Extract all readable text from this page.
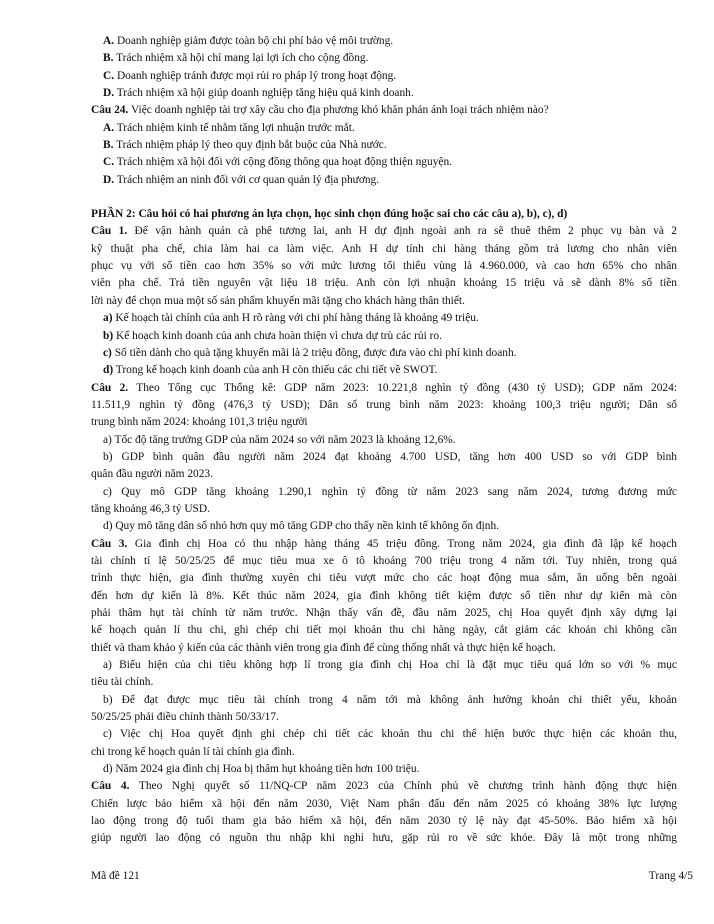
A. Doanh nghiệp giảm được toàn bộ chi phí bảo vệ môi trường.
B. Trách nhiệm xã hội chỉ mang lại lợi ích cho cộng đồng.
C. Doanh nghiệp tránh được mọi rủi ro pháp lý trong hoạt động.
D. Trách nhiệm xã hội giúp doanh nghiệp tăng hiệu quả kinh doanh.
Câu 24. Việc doanh nghiệp tài trợ xây cầu cho địa phương khó khăn phản ánh loại trách nhiệm nào?
A. Trách nhiệm kinh tế nhằm tăng lợi nhuận trước mắt.
B. Trách nhiệm pháp lý theo quy định bắt buộc của Nhà nước.
C. Trách nhiệm xã hội đối với cộng đồng thông qua hoạt động thiện nguyện.
D. Trách nhiệm an ninh đối với cơ quan quản lý địa phương.
PHẦN 2: Câu hỏi có hai phương án lựa chọn, học sinh chọn đúng hoặc sai cho các câu a), b), c), d)
Câu 1. Để vận hành quán cà phê tương lai, anh H dự định ngoài anh ra sẽ thuê thêm 2 phục vụ bàn và 2
kỹ thuật pha chế, chia làm hai ca làm việc. Anh H dự tính chi hàng tháng gồm trả lương cho nhân viên
phục vụ với số tiền cao hơn 35% so với mức lương tối thiểu vùng là 4.960.000, và cao hơn 65% cho nhân
viên pha chế. Trả tiền nguyên vật liệu 18 triệu. Anh còn lợi nhuận khoảng 15 triệu và sẽ dành 8% số tiền
lời này để chọn mua một số sản phẩm khuyến mãi tặng cho khách hàng thân thiết.
a) Kế hoạch tài chính của anh H rõ ràng với chi phí hàng tháng là khoảng 49 triệu.
b) Kế hoạch kinh doanh của anh chưa hoàn thiện vì chưa dự trù các rủi ro.
c) Số tiền dành cho quà tặng khuyến mãi là 2 triệu đồng, được đưa vào chi phí kinh doanh.
d) Trong kế hoạch kinh doanh của anh H còn thiếu các chi tiết về SWOT.
Câu 2. Theo Tổng cục Thống kê: GDP năm 2023: 10.221,8 nghìn tỷ đồng (430 tỷ USD); GDP năm 2024:
11.511,9 nghìn tỷ đồng (476,3 tỷ USD); Dân số trung bình năm 2023: khoảng 100,3 triệu người; Dân số
trung bình năm 2024: khoảng 101,3 triệu người
a) Tốc độ tăng trưởng GDP của năm 2024 so với năm 2023 là khoảng 12,6%.
b) GDP bình quân đầu người năm 2024 đạt khoảng 4.700 USD, tăng hơn 400 USD so với GDP bình
quân đầu người năm 2023.
c) Quy mô GDP tăng khoảng 1.290,1 nghìn tỷ đồng từ năm 2023 sang năm 2024, tương đương mức
tăng khoảng 46,3 tỷ USD.
d) Quy mô tăng dân số nhỏ hơn quy mô tăng GDP cho thấy nền kinh tế không ổn định.
Câu 3. Gia đình chị Hoa có thu nhập hàng tháng 45 triệu đồng. Trong năm 2024, gia đình đã lập kế hoạch
tài chính tỉ lệ 50/25/25 để mục tiêu mua xe ô tô khoảng 700 triệu trong 4 năm tới. Tuy nhiên, trong quá
trình thực hiện, gia đình thường xuyên chi tiêu vượt mức cho các hoạt động mua sắm, ăn uống bên ngoài
đến hơn dự kiến là 8%. Kết thúc năm 2024, gia đình không tiết kiệm được số tiền như dự kiến mà còn
phải thâm hụt tài chính từ năm trước. Nhận thấy vấn đề, đầu năm 2025, chị Hoa quyết định xây dựng lại
kế hoạch quản lí thu chi, ghi chép chi tiết mọi khoản thu chi hàng ngày, cắt giảm các khoản chi không cần
thiết và tham khảo ý kiến của các thành viên trong gia đình để cùng thống nhất và thực hiện kế hoạch.
a) Biểu hiện của chi tiêu không hợp lí trong gia đình chị Hoa chỉ là đặt mục tiêu quá lớn so với % mục
tiêu tài chính.
b) Để đạt được mục tiêu tài chính trong 4 năm tới mà không ảnh hưởng khoản chi thiết yếu, khoản
50/25/25 phải điều chỉnh thành 50/33/17.
c) Việc chị Hoa quyết định ghi chép chi tiết các khoản thu chi thể hiện bước thực hiện các khoản thu,
chi trong kế hoạch quản lí tài chính gia đình.
d) Năm 2024 gia đình chị Hoa bị thâm hụt khoảng tiền hơn 100 triệu.
Câu 4. Theo Nghị quyết số 11/NQ-CP năm 2023 của Chính phủ về chương trình hành động thực hiện
Chiến lược bảo hiểm xã hội đến năm 2030, Việt Nam phấn đấu đến năm 2025 có khoảng 38% lực lượng
lao động trong độ tuổi tham gia bảo hiểm xã hội, đến năm 2030 tỷ lệ này đạt 45-50%. Bảo hiểm xã hội
giúp người lao động có nguồn thu nhập khi nghỉ hưu, gặp rủi ro về sức khỏe. Đây là một trong những
Mã đề 121	Trang 4/5
